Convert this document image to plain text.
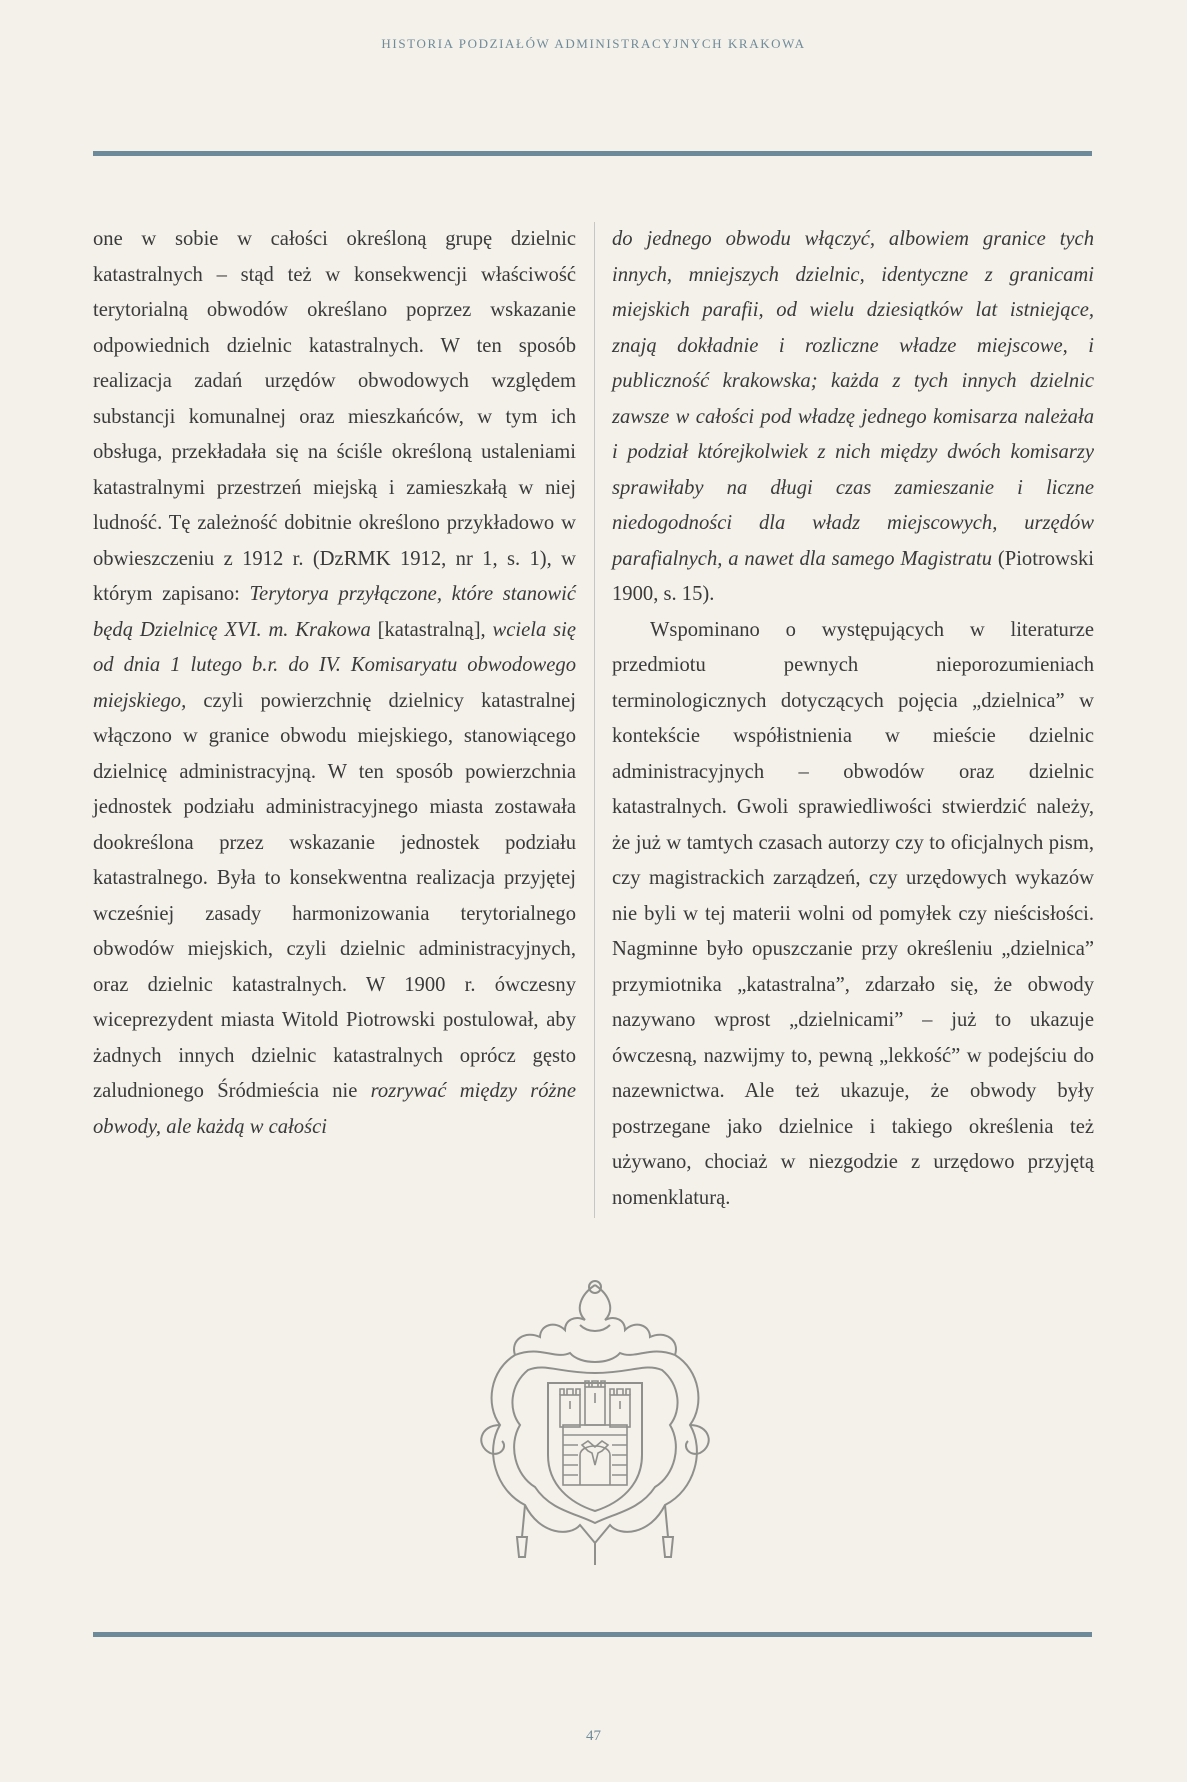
HISTORIA PODZIAŁÓW ADMINISTRACYJNYCH KRAKOWA

one w sobie w całości określoną grupę dzielnic katastralnych – stąd też w konsekwencji właściwość terytorialną obwodów określano poprzez wskazanie odpowiednich dzielnic katastralnych. W ten sposób realizacja zadań urzędów obwodowych względem substancji komunalnej oraz mieszkańców, w tym ich obsługa, przekładała się na ściśle określoną ustaleniami katastralnymi przestrzeń miejską i zamieszkałą w niej ludność. Tę zależność dobitnie określono przykładowo w obwieszczeniu z 1912 r. (DzRMK 1912, nr 1, s. 1), w którym zapisano: Terytorya przyłączone, które stanowić będą Dzielnicę XVI. m. Krakowa [katastralną], wciela się od dnia 1 lutego b.r. do IV. Komisaryatu obwodowego miejskiego, czyli powierzchnię dzielnicy katastralnej włączono w granice obwodu miejskiego, stanowiącego dzielnicę administracyjną. W ten sposób powierzchnia jednostek podziału administracyjnego miasta zostawała dookreślona przez wskazanie jednostek podziału katastralnego. Była to konsekwentna realizacja przyjętej wcześniej zasady harmonizowania terytorialnego obwodów miejskich, czyli dzielnic administracyjnych, oraz dzielnic katastralnych. W 1900 r. ówczesny wiceprezydent miasta Witold Piotrowski postulował, aby żadnych innych dzielnic katastralnych oprócz gęsto zaludnionego Śródmieścia nie rozrywać między różne obwody, ale każdą w całości

do jednego obwodu włączyć, albowiem granice tych innych, mniejszych dzielnic, identyczne z granicami miejskich parafii, od wielu dziesiątków lat istniejące, znają dokładnie i rozliczne władze miejscowe, i publiczność krakowska; każda z tych innych dzielnic zawsze w całości pod władzę jednego komisarza należała i podział którejkolwiek z nich między dwóch komisarzy sprawiłaby na długi czas zamieszanie i liczne niedogodności dla władz miejscowych, urzędów parafialnych, a nawet dla samego Magistratu (Piotrowski 1900, s. 15).

Wspominano o występujących w literaturze przedmiotu pewnych nieporozumieniach terminologicznych dotyczących pojęcia „dzielnica” w kontekście współistnienia w mieście dzielnic administracyjnych – obwodów oraz dzielnic katastralnych. Gwoli sprawiedliwości stwierdzić należy, że już w tamtych czasach autorzy czy to oficjalnych pism, czy magistrackich zarządzeń, czy urzędowych wykazów nie byli w tej materii wolni od pomyłek czy nieścisłości. Nagminne było opuszczanie przy określeniu „dzielnica” przymiotnika „katastralna”, zdarzało się, że obwody nazywano wprost „dzielnicami” – już to ukazuje ówczesną, nazwijmy to, pewną „lekkość” w podejściu do nazewnictwa. Ale też ukazuje, że obwody były postrzegane jako dzielnice i takiego określenia też używano, chociaż w niezgodzie z urzędowo przyjętą nomenklaturą.

47
